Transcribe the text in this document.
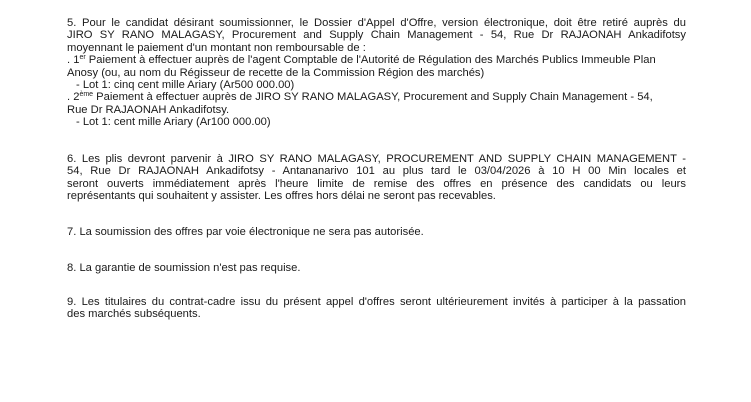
5. Pour le candidat désirant soumissionner, le Dossier d'Appel d'Offre, version électronique, doit être retiré auprès du
JIRO SY RANO MALAGASY, Procurement and Supply Chain Management - 54, Rue Dr RAJAONAH Ankadifotsy
moyennant le paiement d'un montant non remboursable de :
. 1er Paiement à effectuer auprès de l'agent Comptable de l'Autorité de Régulation des Marchés Publics Immeuble Plan
Anosy (ou, au nom du Régisseur de recette de la Commission Région des marchés)
- Lot 1: cinq cent mille Ariary (Ar500 000.00)
. 2ème Paiement à effectuer auprès de JIRO SY RANO MALAGASY, Procurement and Supply Chain Management - 54,
Rue Dr RAJAONAH Ankadifotsy.
- Lot 1: cent mille Ariary (Ar100 000.00)
6. Les plis devront parvenir à JIRO SY RANO MALAGASY, PROCUREMENT AND SUPPLY CHAIN MANAGEMENT -
54, Rue Dr RAJAONAH Ankadifotsy - Antananarivo 101 au plus tard le 03/04/2026 à 10 H 00 Min locales et
seront ouverts immédiatement après l'heure limite de remise des offres en présence des candidats ou leurs
représentants qui souhaitent y assister. Les offres hors délai ne seront pas recevables.
7. La soumission des offres par voie électronique ne sera pas autorisée.
8. La garantie de soumission n'est pas requise.
9. Les titulaires du contrat-cadre issu du présent appel d'offres seront ultérieurement invités à participer à la passation
des marchés subséquents.
